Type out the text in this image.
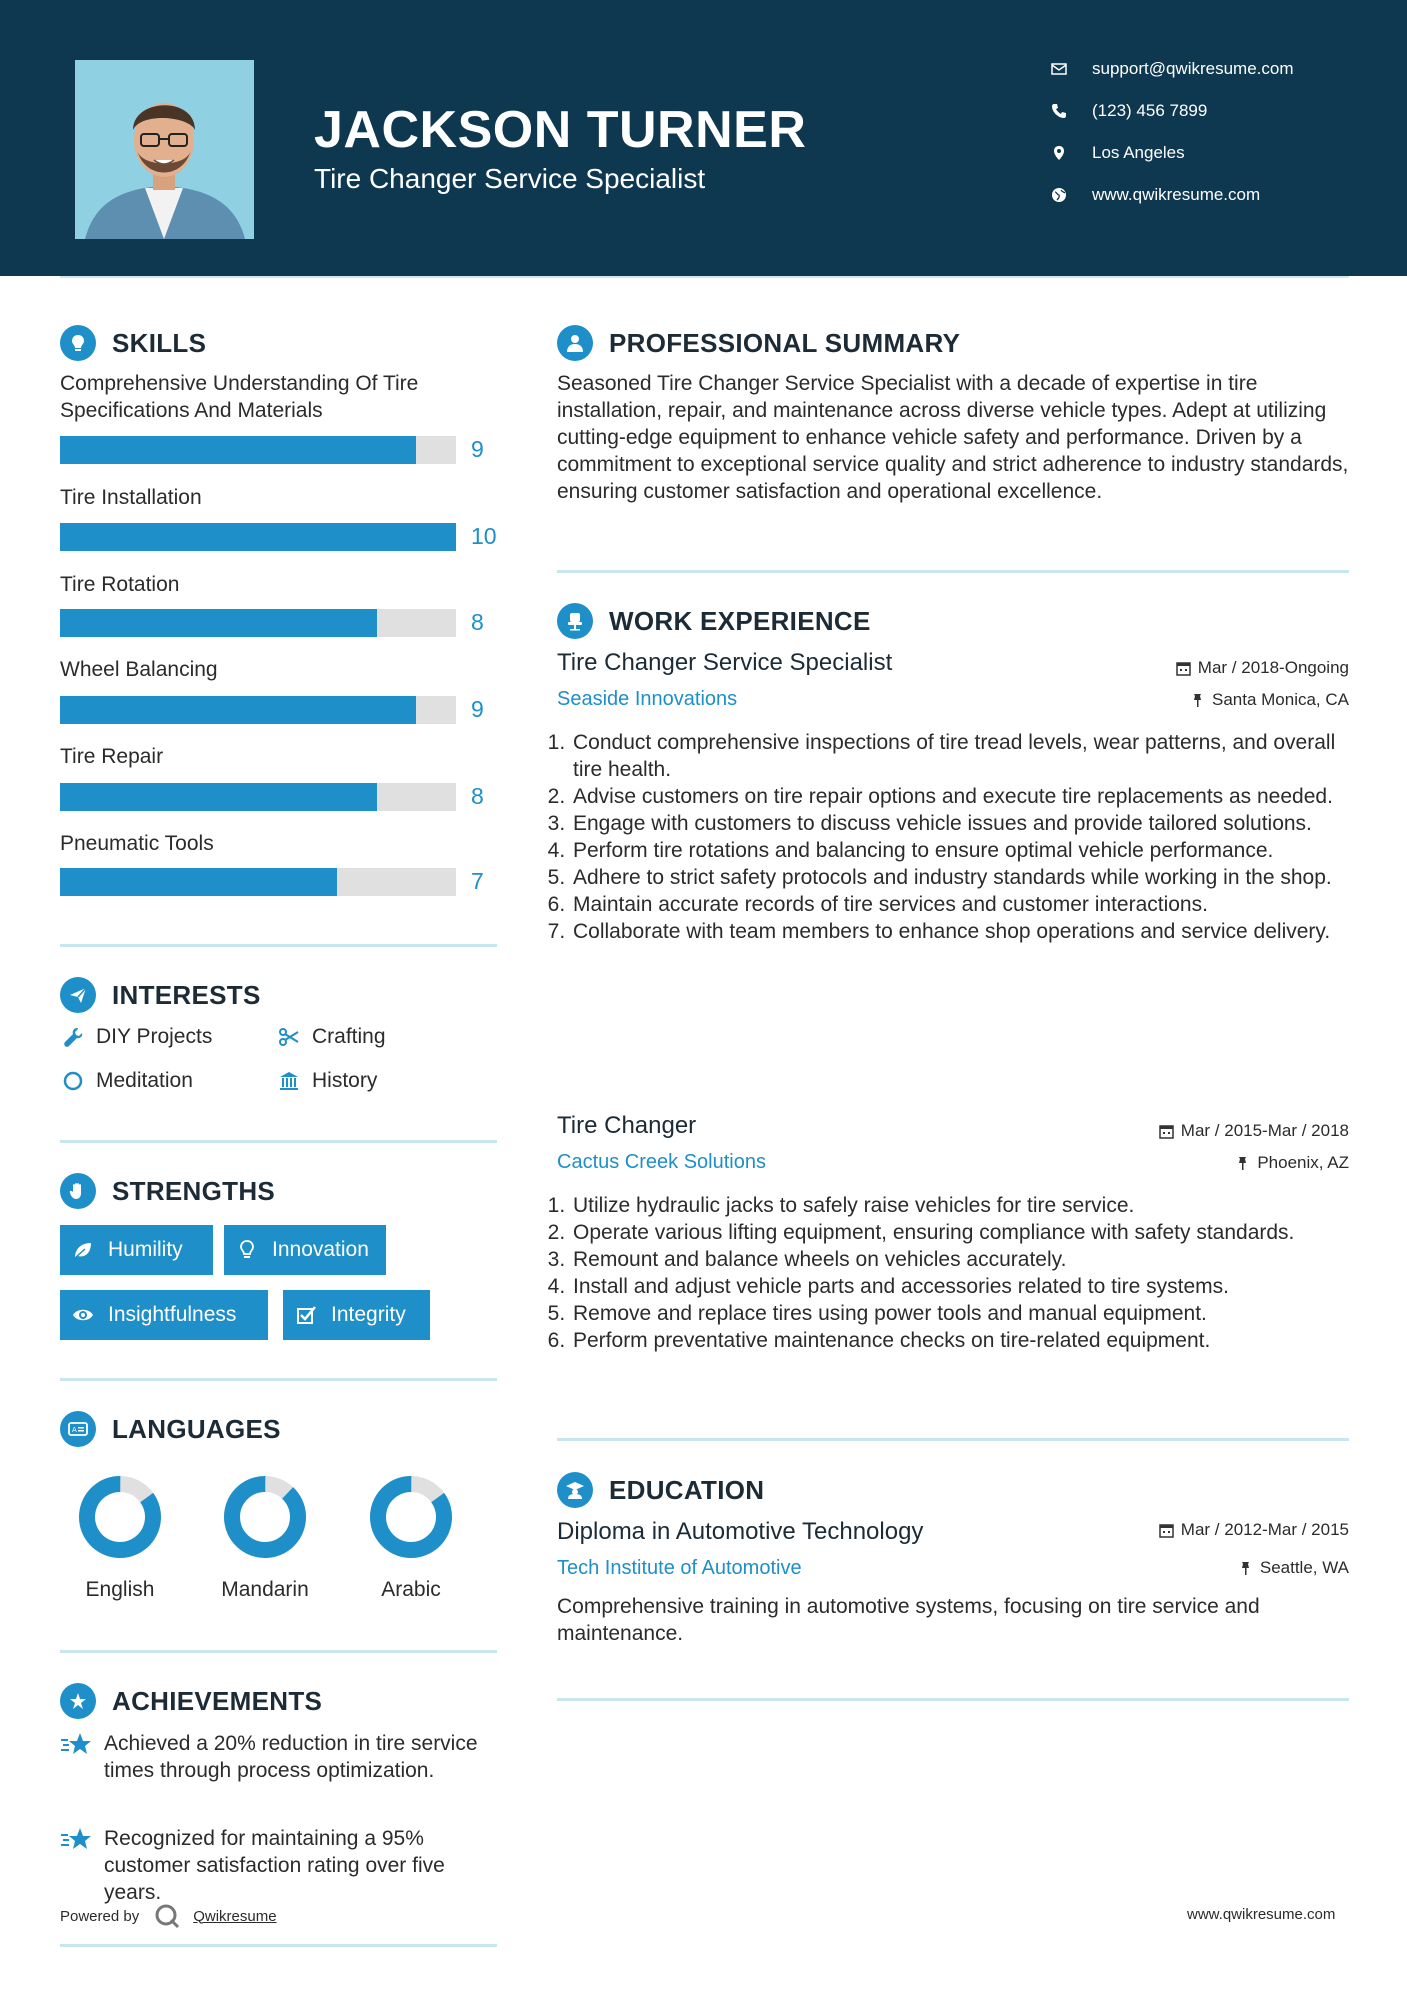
JACKSON TURNER
Tire Changer Service Specialist
support@qwikresume.com
(123) 456 7899
Los Angeles
www.qwikresume.com
SKILLS
Comprehensive Understanding Of Tire Specifications And Materials
9
Tire Installation
10
Tire Rotation
8
Wheel Balancing
9
Tire Repair
8
Pneumatic Tools
7
INTERESTS
DIY Projects	Crafting
Meditation	History
STRENGTHS
Humility	Innovation
Insightfulness	Integrity
A LANGUAGES
English	Mandarin	Arabic
ACHIEVEMENTS
Achieved a 20% reduction in tire service times through process optimization.
Recognized for maintaining a 95% customer satisfaction rating over five years.
Powered by	Qwikresume	www.qwikresume.com
PROFESSIONAL SUMMARY
Seasoned Tire Changer Service Specialist with a decade of expertise in tire installation, repair, and maintenance across diverse vehicle types. Adept at utilizing cutting-edge equipment to enhance vehicle safety and performance. Driven by a commitment to exceptional service quality and strict adherence to industry standards, ensuring customer satisfaction and operational excellence.
WORK EXPERIENCE
Tire Changer Service Specialist
Seaside Innovations
Mar / 2018-Ongoing
Santa Monica, CA
1. Conduct comprehensive inspections of tire tread levels, wear patterns, and overall tire health.
2. Advise customers on tire repair options and execute tire replacements as needed.
3. Engage with customers to discuss vehicle issues and provide tailored solutions.
4. Perform tire rotations and balancing to ensure optimal vehicle performance.
5. Adhere to strict safety protocols and industry standards while working in the shop.
6. Maintain accurate records of tire services and customer interactions.
7. Collaborate with team members to enhance shop operations and service delivery.
Tire Changer
Cactus Creek Solutions
Mar / 2015-Mar / 2018
Phoenix, AZ
1. Utilize hydraulic jacks to safely raise vehicles for tire service.
2. Operate various lifting equipment, ensuring compliance with safety standards.
3. Remount and balance wheels on vehicles accurately.
4. Install and adjust vehicle parts and accessories related to tire systems.
5. Remove and replace tires using power tools and manual equipment.
6. Perform preventative maintenance checks on tire-related equipment.
EDUCATION
Diploma in Automotive Technology
Tech Institute of Automotive
Mar / 2012-Mar / 2015
Seattle, WA
Comprehensive training in automotive systems, focusing on tire service and maintenance.
